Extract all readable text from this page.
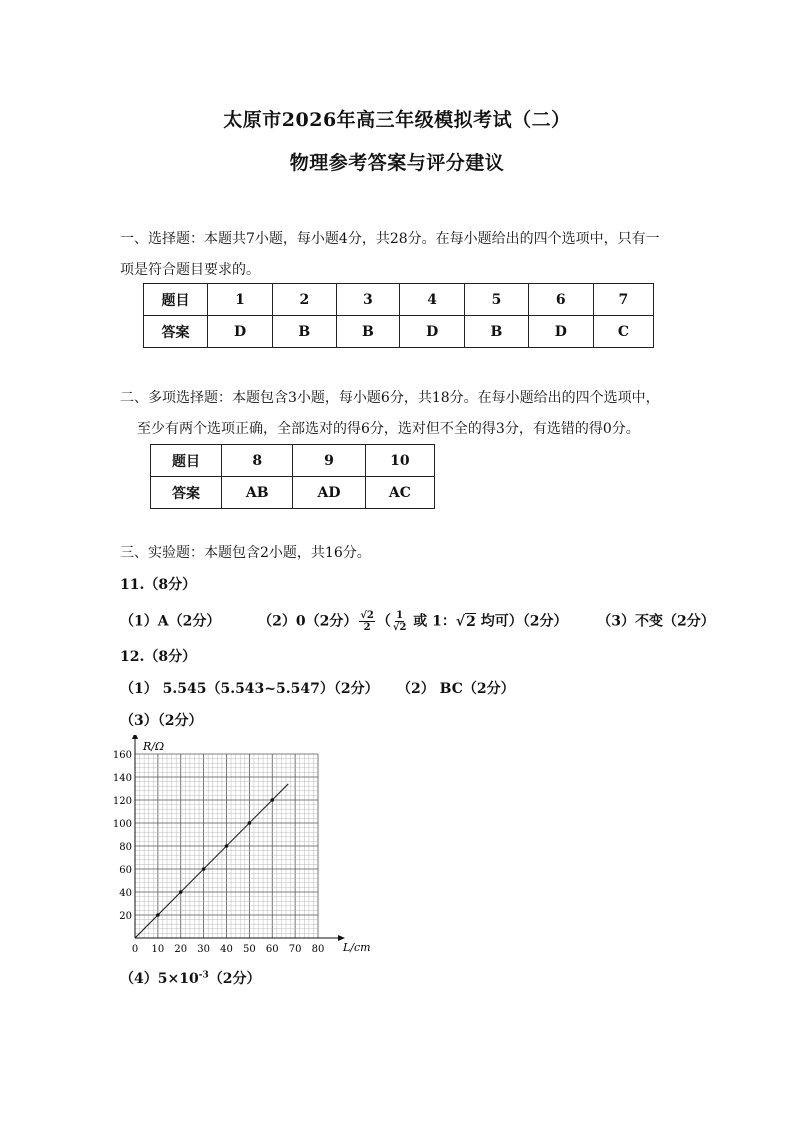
太原市2026年高三年级模拟考试（二）
物理参考答案与评分建议
一、选择题：本题共7小题，每小题4分，共28分。在每小题给出的四个选项中，只有一
项是符合题目要求的。
题目	1	2	3	4	5	6	7
答案	D	B	B	D	B	D	C
二、多项选择题：本题包含3小题，每小题6分，共18分。在每小题给出的四个选项中，
至少有两个选项正确，全部选对的得6分，选对但不全的得3分，有选错的得0分。
题目	8	9	10
答案	AB	AD	AC
三、实验题：本题包含2小题，共16分。
11.（8分）
（1）A（2分）	（2）0（2分） $\frac{√2}{2}$ （ $\frac{1}{√2}$ 或 1：√2 均可）（2分） （3）不变（2分）
12.（8分）
（1） 5.545（5.543~5.547）（2分） （2） BC（2分）
（3）（2分）
0 10 20 30 40 50 60 70 80
20
40
60
80
100
120
140
160
R/Ω
L/cm
$(4)5\times 10^{-3}(2$分）
